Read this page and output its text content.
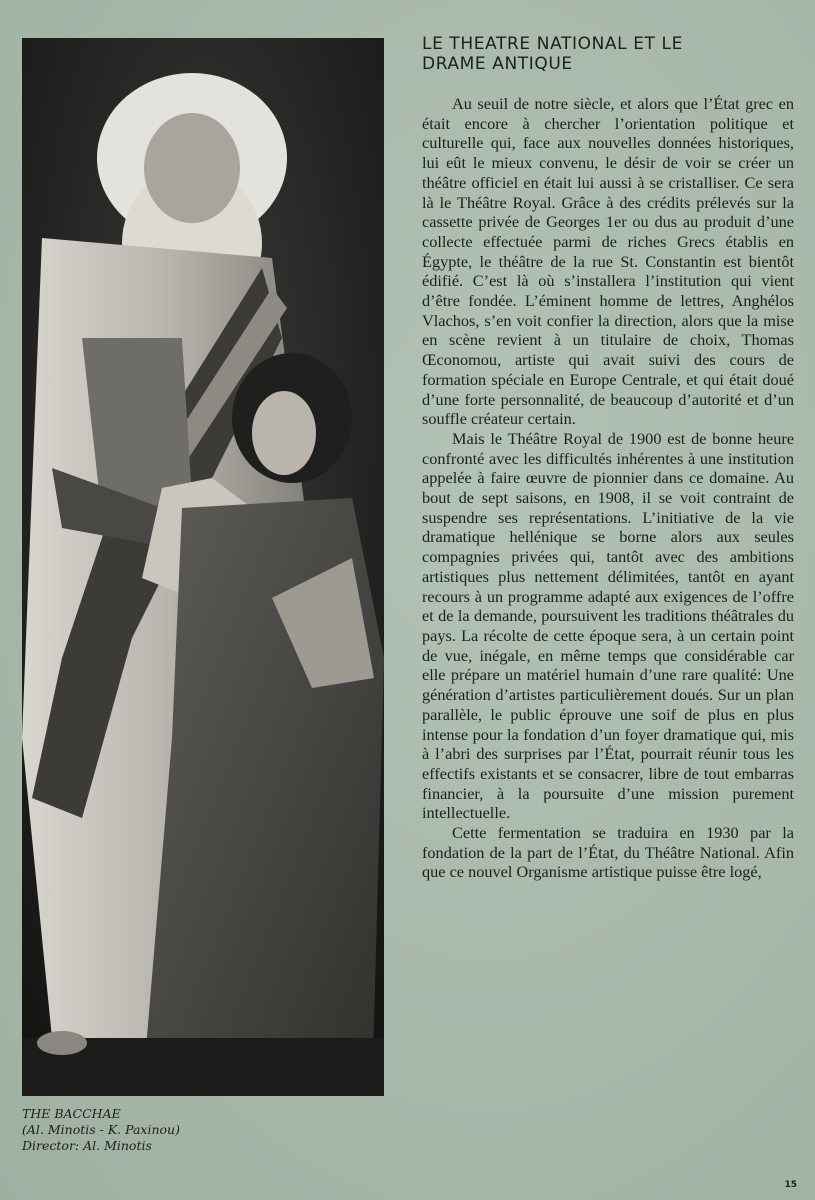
THE BACCHAE
(Al. Minotis - K. Paxinou)
Director: Al. Minotis
LE THEATRE NATIONAL ET LE
DRAME ANTIQUE

Au seuil de notre siècle, et alors que l’État grec en était encore à chercher l’orientation politique et culturelle qui, face aux nouvelles données historiques, lui eût le mieux convenu, le désir de voir se créer un théâtre officiel en était lui aussi à se cristalliser. Ce sera là le Théâtre Royal. Grâce à des crédits prélevés sur la cassette privée de Georges 1er ou dus au produit d’une collecte effectuée parmi de riches Grecs établis en Égypte, le théâtre de la rue St. Constantin est bientôt édifié. C’est là où s’installera l’institution qui vient d’être fondée. L’éminent homme de lettres, Anghélos Vlachos, s’en voit confier la direction, alors que la mise en scène revient à un titulaire de choix, Thomas Œconomou, artiste qui avait suivi des cours de formation spéciale en Europe Centrale, et qui était doué d’une forte personnalité, de beaucoup d’autorité et d’un souffle créateur certain.

Mais le Théâtre Royal de 1900 est de bonne heure confronté avec les difficultés inhérentes à une institution appelée à faire œuvre de pionnier dans ce domaine. Au bout de sept saisons, en 1908, il se voit contraint de suspendre ses représentations. L’initiative de la vie dramatique hellénique se borne alors aux seules compagnies privées qui, tantôt avec des ambitions artistiques plus nettement délimitées, tantôt en ayant recours à un programme adapté aux exigences de l’offre et de la demande, poursuivent les traditions théâtrales du pays. La récolte de cette époque sera, à un certain point de vue, inégale, en même temps que considérable car elle prépare un matériel humain d’une rare qualité: Une génération d’artistes particulièrement doués. Sur un plan parallèle, le public éprouve une soif de plus en plus intense pour la fondation d’un foyer dramatique qui, mis à l’abri des surprises par l’État, pourrait réunir tous les effectifs existants et se consacrer, libre de tout embarras financier, à la poursuite d’une mission purement intellectuelle.

Cette fermentation se traduira en 1930 par la fondation de la part de l’État, du Théâtre National. Afin que ce nouvel Organisme artistique puisse être logé,

15
